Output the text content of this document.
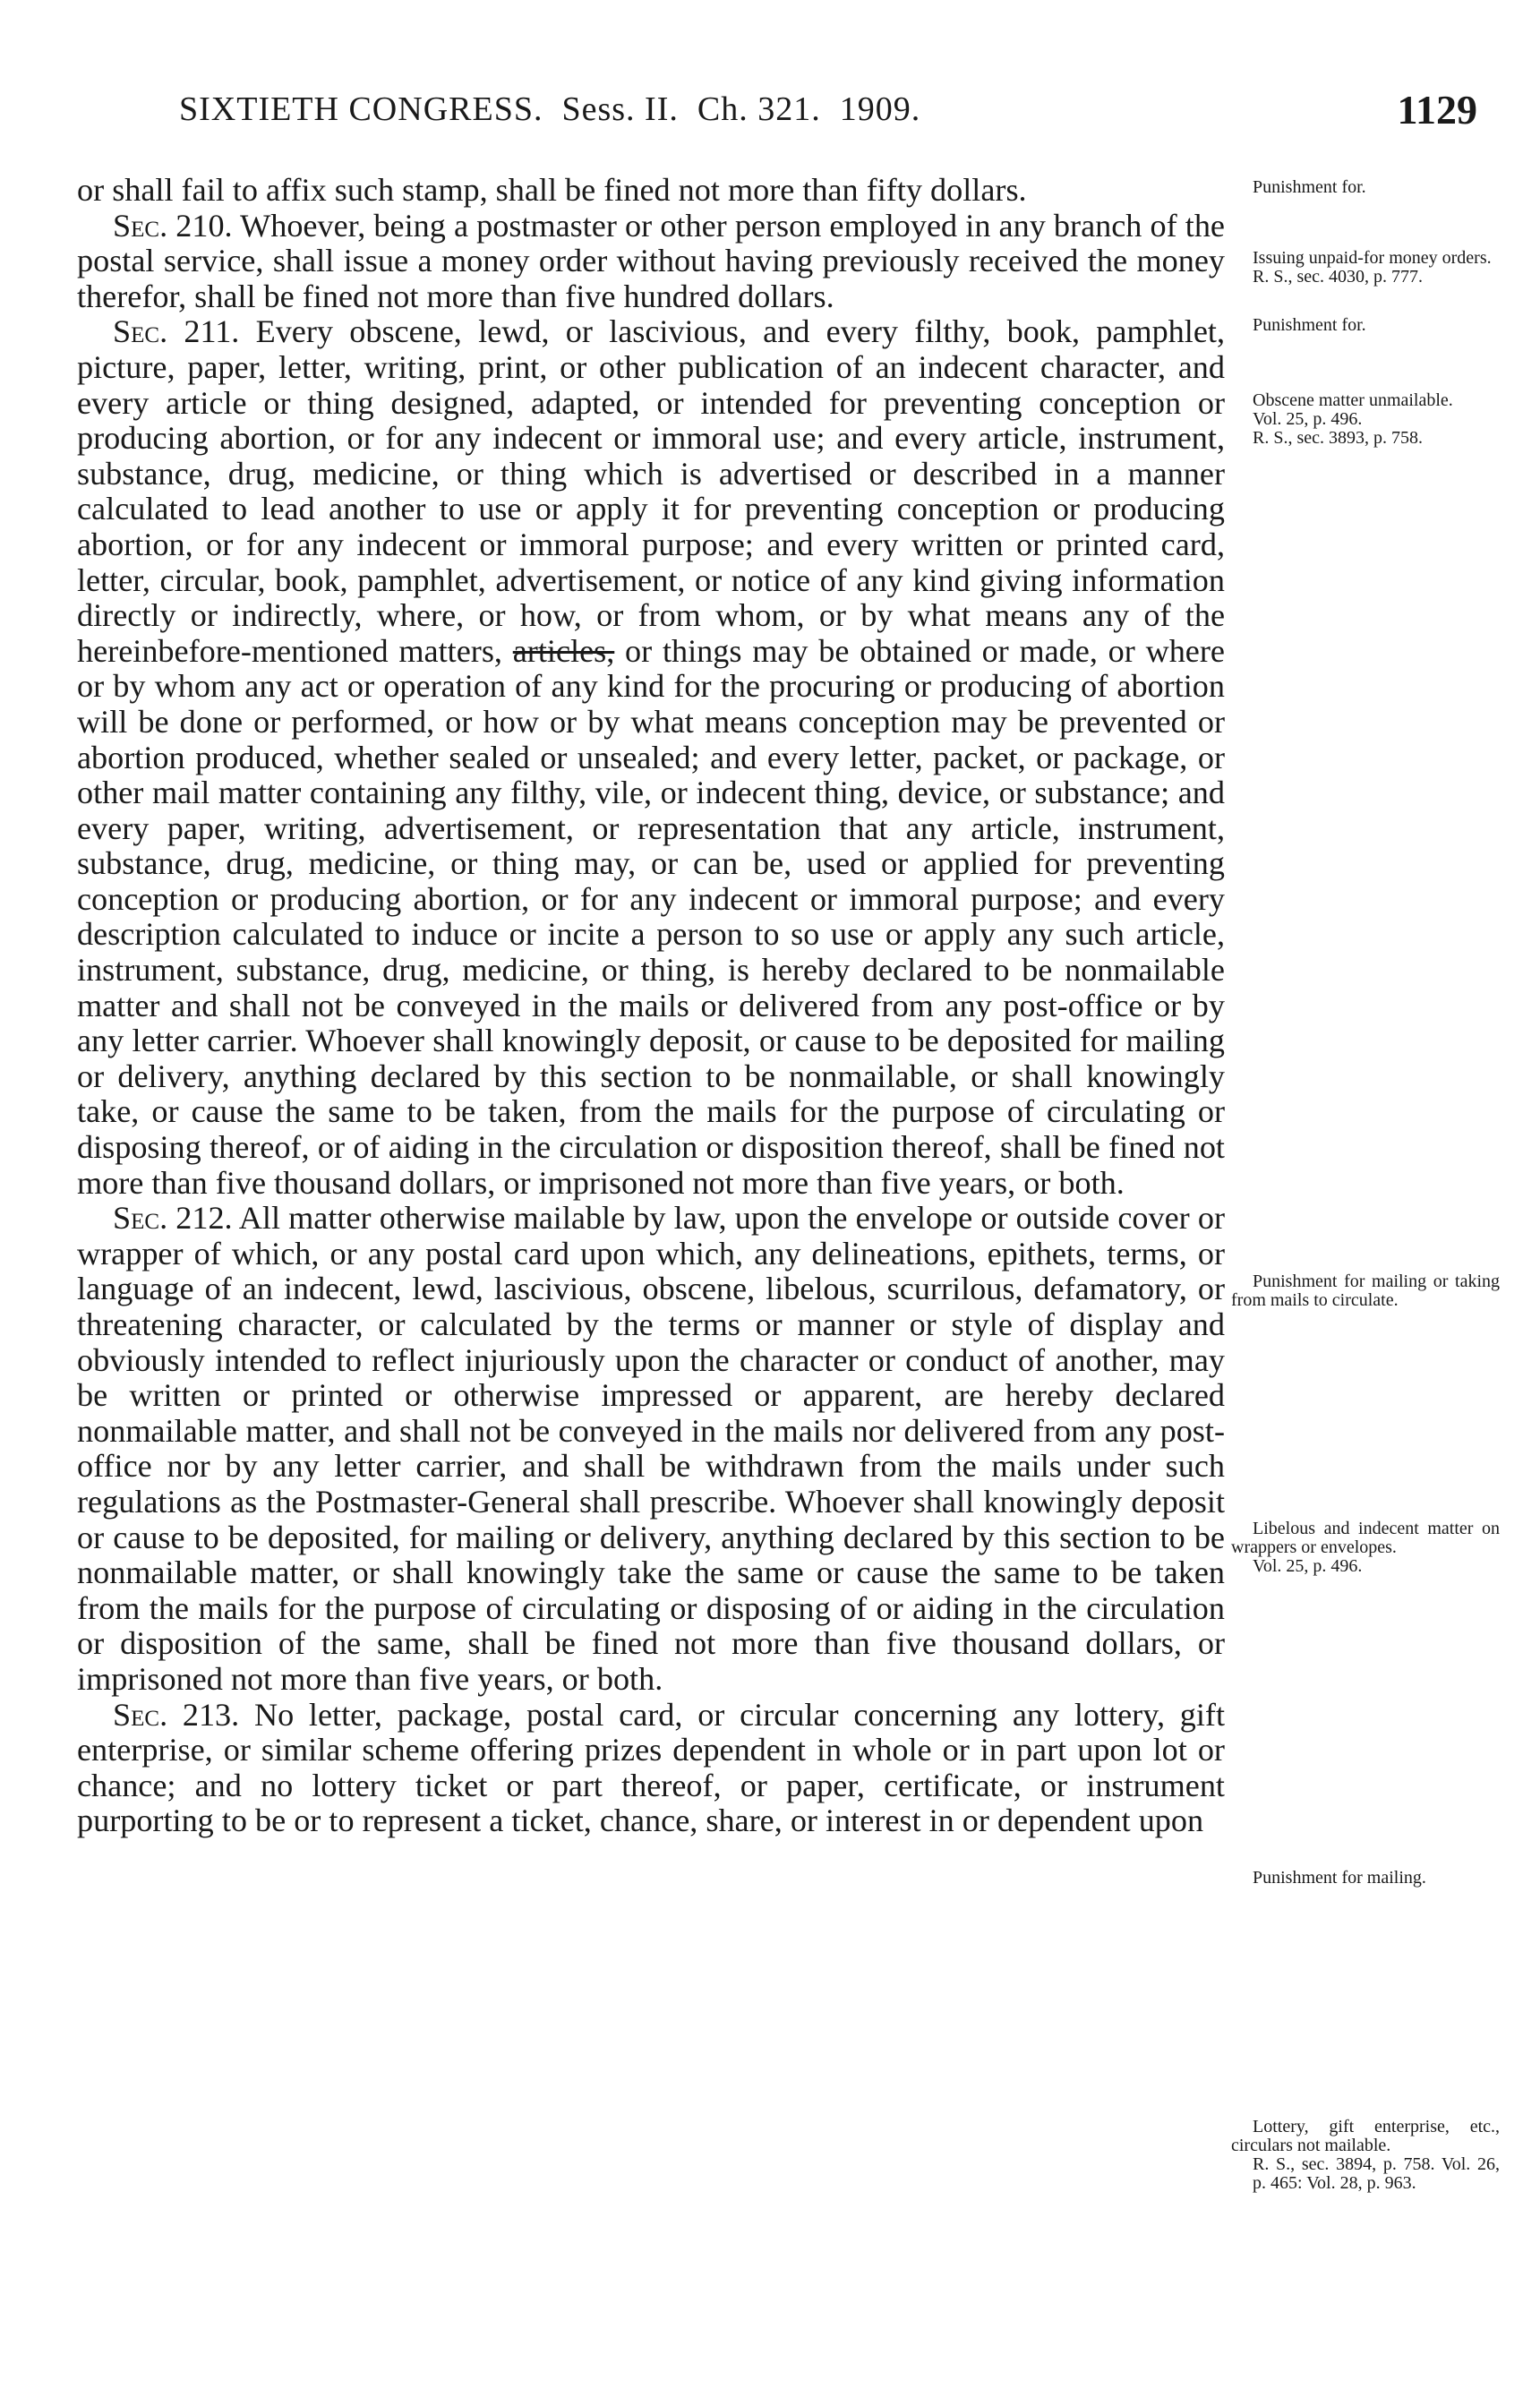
SIXTIETH CONGRESS. Sess. II. Ch. 321. 1909.	1129

or shall fail to affix such stamp, shall be fined not more than fifty dollars.

Sec. 210. Whoever, being a postmaster or other person employed in any branch of the postal service, shall issue a money order without having previously received the money therefor, shall be fined not more than five hundred dollars.

Sec. 211. Every obscene, lewd, or lascivious, and every filthy, book, pamphlet, picture, paper, letter, writing, print, or other publication of an indecent character, and every article or thing designed, adapted, or intended for preventing conception or producing abortion, or for any indecent or immoral use; and every article, instrument, substance, drug, medicine, or thing which is advertised or described in a manner calculated to lead another to use or apply it for preventing conception or producing abortion, or for any indecent or immoral purpose; and every written or printed card, letter, circular, book, pamphlet, advertisement, or notice of any kind giving information directly or indirectly, where, or how, or from whom, or by what means any of the hereinbefore-mentioned matters, articles, or things may be obtained or made, or where or by whom any act or operation of any kind for the procuring or producing of abortion will be done or performed, or how or by what means conception may be prevented or abortion produced, whether sealed or unsealed; and every letter, packet, or package, or other mail matter containing any filthy, vile, or indecent thing, device, or substance; and every paper, writing, advertisement, or representation that any article, instrument, substance, drug, medicine, or thing may, or can be, used or applied for preventing conception or producing abortion, or for any indecent or immoral purpose; and every description calculated to induce or incite a person to so use or apply any such article, instrument, substance, drug, medicine, or thing, is hereby declared to be nonmailable matter and shall not be conveyed in the mails or delivered from any post-office or by any letter carrier. Whoever shall knowingly deposit, or cause to be deposited for mailing or delivery, anything declared by this section to be nonmailable, or shall knowingly take, or cause the same to be taken, from the mails for the purpose of circulating or disposing thereof, or of aiding in the circulation or disposition thereof, shall be fined not more than five thousand dollars, or imprisoned not more than five years, or both.

Sec. 212. All matter otherwise mailable by law, upon the envelope or outside cover or wrapper of which, or any postal card upon which, any delineations, epithets, terms, or language of an indecent, lewd, lascivious, obscene, libelous, scurrilous, defamatory, or threatening character, or calculated by the terms or manner or style of display and obviously intended to reflect injuriously upon the character or conduct of another, may be written or printed or otherwise impressed or apparent, are hereby declared nonmailable matter, and shall not be conveyed in the mails nor delivered from any post-office nor by any letter carrier, and shall be withdrawn from the mails under such regulations as the Postmaster-General shall prescribe. Whoever shall knowingly deposit or cause to be deposited, for mailing or delivery, anything declared by this section to be nonmailable matter, or shall knowingly take the same or cause the same to be taken from the mails for the purpose of circulating or disposing of or aiding in the circulation or disposition of the same, shall be fined not more than five thousand dollars, or imprisoned not more than five years, or both.

Sec. 213. No letter, package, postal card, or circular concerning any lottery, gift enterprise, or similar scheme offering prizes dependent in whole or in part upon lot or chance; and no lottery ticket or part thereof, or paper, certificate, or instrument purporting to be or to represent a ticket, chance, share, or interest in or dependent upon

Punishment for.
Issuing unpaid-for money orders.
R. S., sec. 4030, p. 777.
Punishment for.
Obscene matter unmailable.
Vol. 25, p. 496.
R. S., sec. 3893, p. 758.
Punishment for mailing or taking from mails to circulate.
Libelous and indecent matter on wrappers or envelopes.
Vol. 25, p. 496.
Punishment for mailing.
Lottery, gift enterprise, etc., circulars not mailable.
R. S., sec. 3894, p. 758. Vol. 26, p. 465: Vol. 28, p. 963.
